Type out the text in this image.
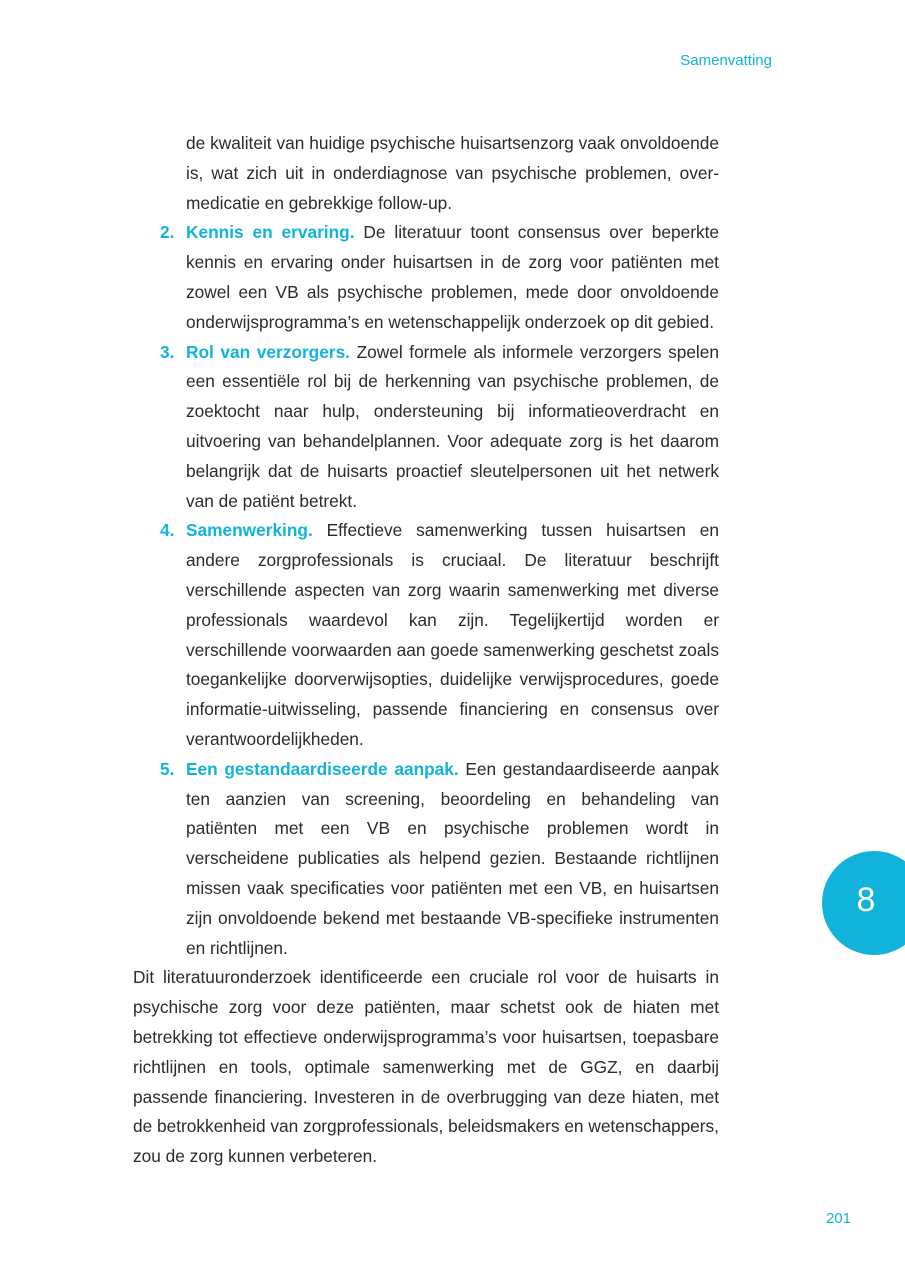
Samenvatting

de kwaliteit van huidige psychische huisartsenzorg vaak onvoldoende is, wat zich uit in onderdiagnose van psychische problemen, over-medicatie en gebrekkige follow-up.

2. Kennis en ervaring. De literatuur toont consensus over beperkte kennis en ervaring onder huisartsen in de zorg voor patiënten met zowel een VB als psychische problemen, mede door onvoldoende onderwijsprogramma’s en wetenschappelijk onderzoek op dit gebied.
3. Rol van verzorgers. Zowel formele als informele verzorgers spelen een essentiële rol bij de herkenning van psychische problemen, de zoektocht naar hulp, ondersteuning bij informatieoverdracht en uitvoering van behandelplannen. Voor adequate zorg is het daarom belangrijk dat de huisarts proactief sleutelpersonen uit het netwerk van de patiënt betrekt.
4. Samenwerking. Effectieve samenwerking tussen huisartsen en andere zorgprofessionals is cruciaal. De literatuur beschrijft verschillende aspecten van zorg waarin samenwerking met diverse professionals waardevol kan zijn. Tegelijkertijd worden er verschillende voorwaarden aan goede samenwerking geschetst zoals toegankelijke doorverwijsopties, duidelijke verwijsprocedures, goede informatie-uitwisseling, passende financiering en consensus over verantwoordelijkheden.
5. Een gestandaardiseerde aanpak. Een gestandaardiseerde aanpak ten aanzien van screening, beoordeling en behandeling van patiënten met een VB en psychische problemen wordt in verscheidene publicaties als helpend gezien. Bestaande richtlijnen missen vaak specificaties voor patiënten met een VB, en huisartsen zijn onvoldoende bekend met bestaande VB-specifieke instrumenten en richtlijnen.

Dit literatuuronderzoek identificeerde een cruciale rol voor de huisarts in psychische zorg voor deze patiënten, maar schetst ook de hiaten met betrekking tot effectieve onderwijsprogramma’s voor huisartsen, toepasbare richtlijnen en tools, optimale samenwerking met de GGZ, en daarbij passende financiering. Investeren in de overbrugging van deze hiaten, met de betrokkenheid van zorgprofessionals, beleidsmakers en wetenschappers, zou de zorg kunnen verbeteren.

8
201
